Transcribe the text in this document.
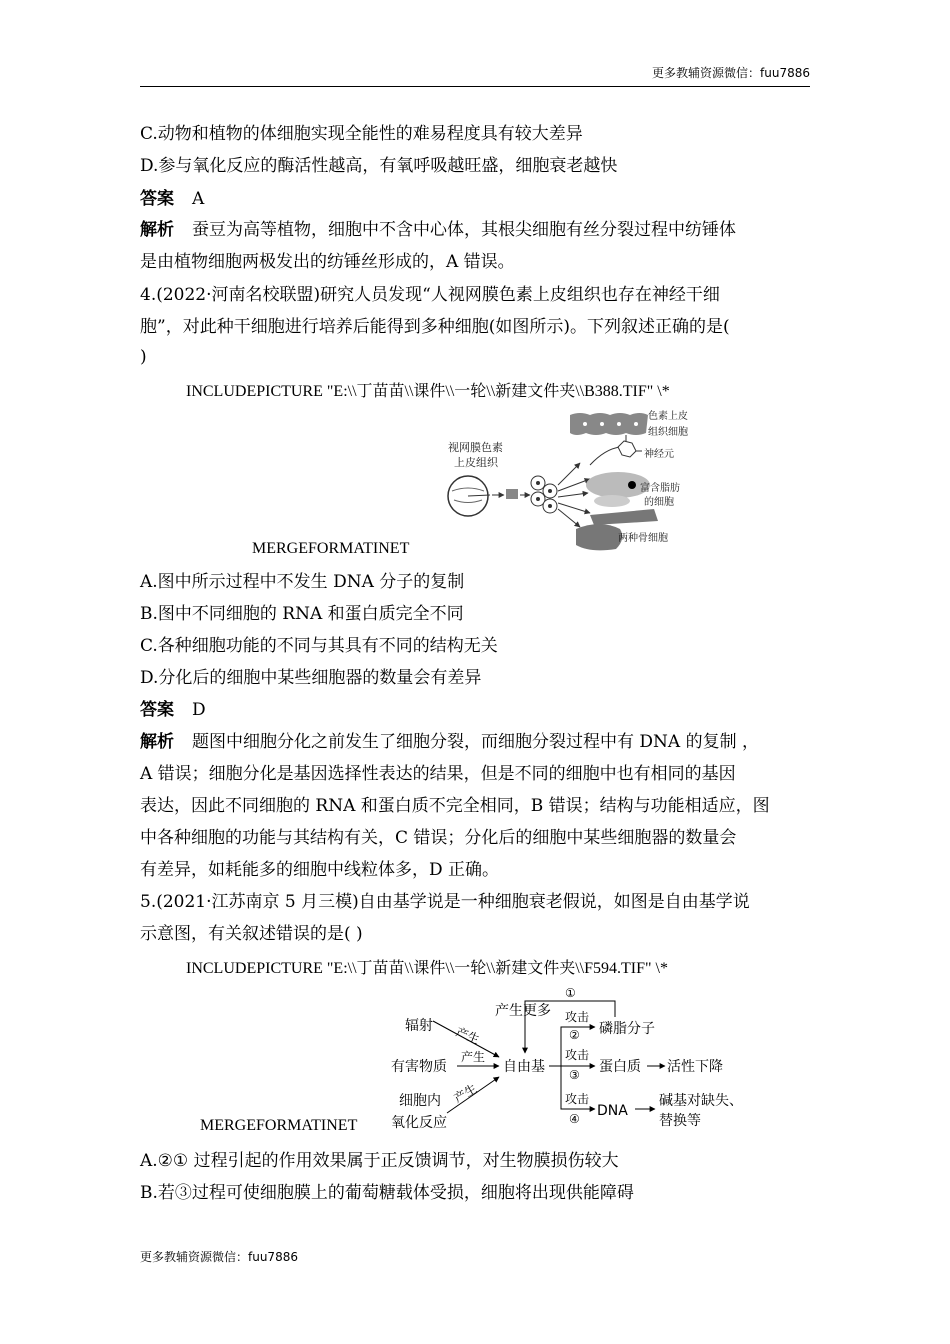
更多教辅资源微信：fuu7886
C.动物和植物的体细胞实现全能性的难易程度具有较大差异
D.参与氧化反应的酶活性越高，有氧呼吸越旺盛，细胞衰老越快
答案 A
解析 蚕豆为高等植物，细胞中不含中心体，其根尖细胞有丝分裂过程中纺锤体
是由植物细胞两极发出的纺锤丝形成的，A 错误。
4.(2022·河南名校联盟)研究人员发现“人视网膜色素上皮组织也存在神经干细
胞”，对此种干细胞进行培养后能得到多种细胞(如图所示)。下列叙述正确的是(
)
INCLUDEPICTURE "E:\\丁苗苗\\课件\\一轮\\新建文件夹\\B388.TIF" \*
视网膜色素
上皮组织
色素上皮
组织细胞
神经元
富含脂肪
的细胞
两种骨细胞
MERGEFORMATINET
A.图中所示过程中不发生 DNA 分子的复制
B.图中不同细胞的 RNA 和蛋白质完全不同
C.各种细胞功能的不同与其具有不同的结构无关
D.分化后的细胞中某些细胞器的数量会有差异
答案 D
解析 题图中细胞分化之前发生了细胞分裂，而细胞分裂过程中有 DNA 的复制 ，
A 错误；细胞分化是基因选择性表达的结果，但是不同的细胞中也有相同的基因
表达，因此不同细胞的 RNA 和蛋白质不完全相同，B 错误；结构与功能相适应，图
中各种细胞的功能与其结构有关，C 错误；分化后的细胞中某些细胞器的数量会
有差异，如耗能多的细胞中线粒体多，D 正确。
5.(2021·江苏南京 5 月三模)自由基学说是一种细胞衰老假说，如图是自由基学说
示意图，有关叙述错误的是( )
INCLUDEPICTURE "E:\\丁苗苗\\课件\\一轮\\新建文件夹\\F594.TIF" \*
辐射
有害物质
细胞内
氧化反应
自由基
产生更多
磷脂分子
蛋白质 活性下降
DNA
碱基对缺失、
替换等
产生
产生
产生
攻击
攻击
攻击
①
②
③
④
MERGEFORMATINET
A.②① 过程引起的作用效果属于正反馈调节，对生物膜损伤较大
B.若③过程可使细胞膜上的葡萄糖载体受损，细胞将出现供能障碍
更多教辅资源微信：fuu7886
